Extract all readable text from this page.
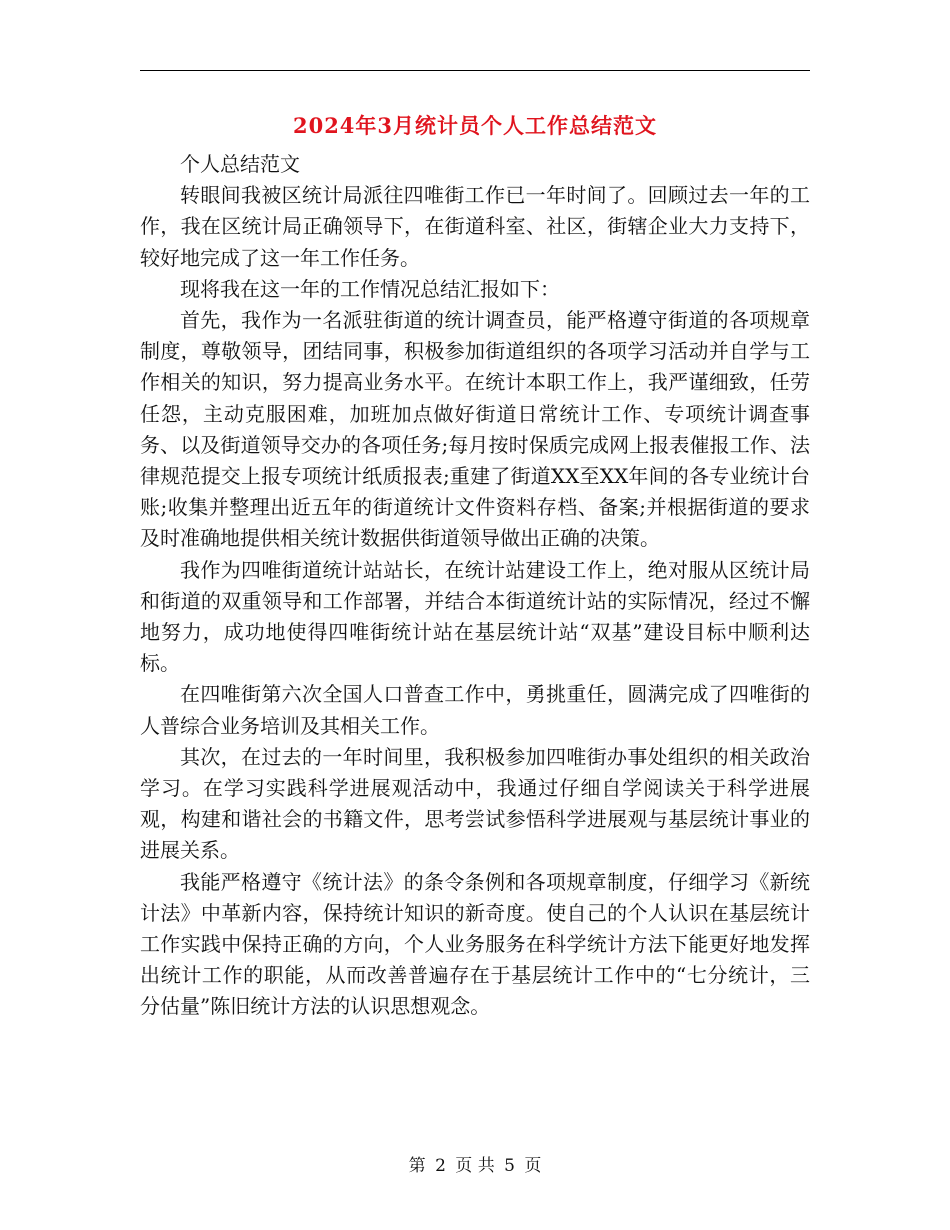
2024年3月统计员个人工作总结范文

个人总结范文

转眼间我被区统计局派往四唯街工作已一年时间了。回顾过去一年的工作，我在区统计局正确领导下，在街道科室、社区，街辖企业大力支持下，较好地完成了这一年工作任务。

现将我在这一年的工作情况总结汇报如下：

首先，我作为一名派驻街道的统计调查员，能严格遵守街道的各项规章制度，尊敬领导，团结同事，积极参加街道组织的各项学习活动并自学与工作相关的知识，努力提高业务水平。在统计本职工作上，我严谨细致，任劳任怨，主动克服困难，加班加点做好街道日常统计工作、专项统计调查事务、以及街道领导交办的各项任务;每月按时保质完成网上报表催报工作、法律规范提交上报专项统计纸质报表;重建了街道XX至XX年间的各专业统计台账;收集并整理出近五年的街道统计文件资料存档、备案;并根据街道的要求及时准确地提供相关统计数据供街道领导做出正确的决策。

我作为四唯街道统计站站长，在统计站建设工作上，绝对服从区统计局和街道的双重领导和工作部署，并结合本街道统计站的实际情况，经过不懈地努力，成功地使得四唯街统计站在基层统计站“双基”建设目标中顺利达标。

在四唯街第六次全国人口普查工作中，勇挑重任，圆满完成了四唯街的人普综合业务培训及其相关工作。

其次，在过去的一年时间里，我积极参加四唯街办事处组织的相关政治学习。在学习实践科学进展观活动中，我通过仔细自学阅读关于科学进展观，构建和谐社会的书籍文件，思考尝试参悟科学进展观与基层统计事业的进展关系。

我能严格遵守《统计法》的条令条例和各项规章制度，仔细学习《新统计法》中革新内容，保持统计知识的新奇度。使自己的个人认识在基层统计工作实践中保持正确的方向，个人业务服务在科学统计方法下能更好地发挥出统计工作的职能，从而改善普遍存在于基层统计工作中的“七分统计，三分估量”陈旧统计方法的认识思想观念。

第 2 页 共 5 页
